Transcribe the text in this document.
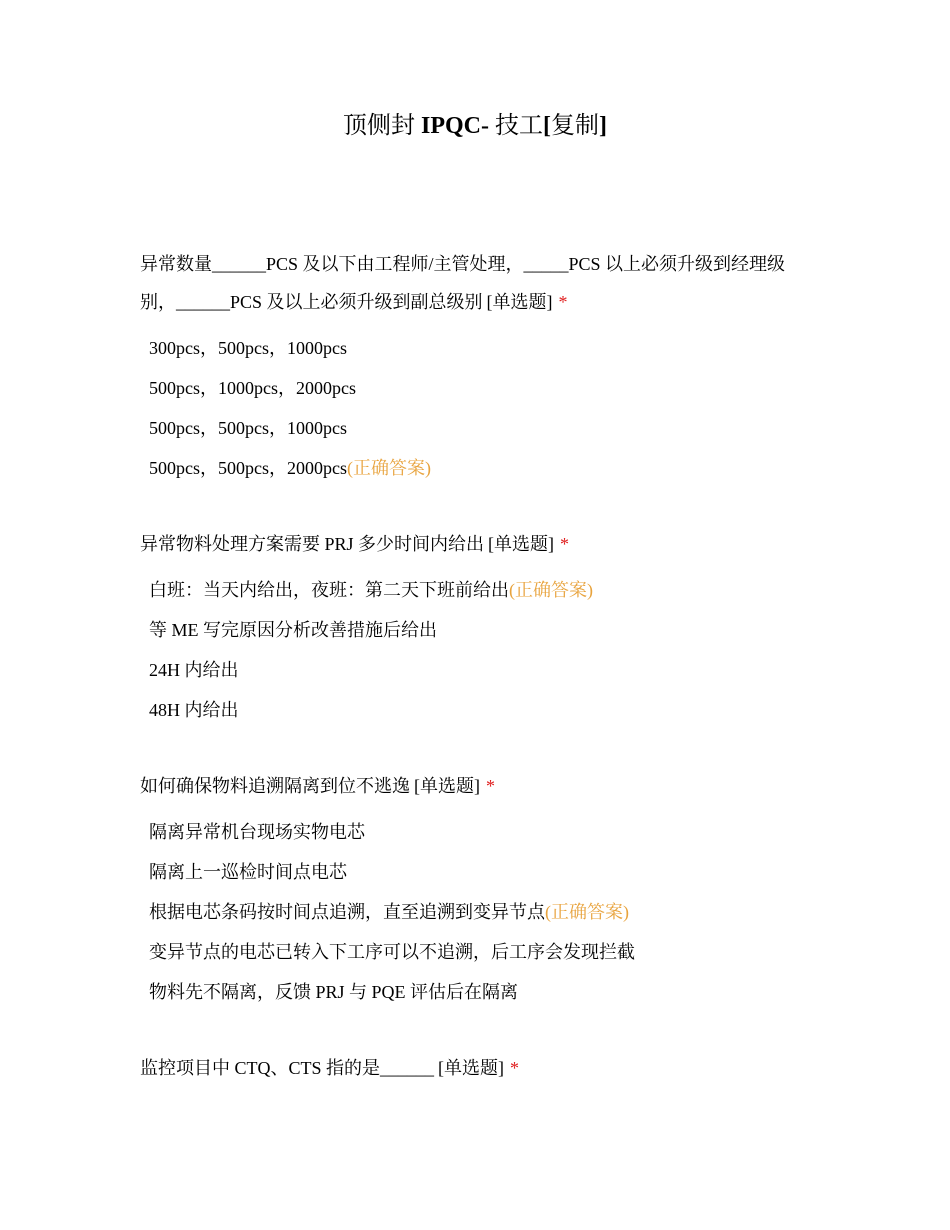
顶侧封 IPQC- 技工[复制]

异常数量______PCS 及以下由工程师/主管处理，_____PCS 以上必须升级到经理级别，______PCS 及以上必须升级到副总级别 [单选题] *

300pcs，500pcs，1000pcs
500pcs，1000pcs，2000pcs
500pcs，500pcs，1000pcs
500pcs，500pcs，2000pcs(正确答案)

异常物料处理方案需要 PRJ 多少时间内给出 [单选题] *

白班：当天内给出，夜班：第二天下班前给出(正确答案)
等 ME 写完原因分析改善措施后给出
24H 内给出
48H 内给出

如何确保物料追溯隔离到位不逃逸 [单选题] *

隔离异常机台现场实物电芯
隔离上一巡检时间点电芯
根据电芯条码按时间点追溯，直至追溯到变异节点(正确答案)
变异节点的电芯已转入下工序可以不追溯，后工序会发现拦截
物料先不隔离，反馈 PRJ 与 PQE 评估后在隔离

监控项目中 CTQ、CTS 指的是______ [单选题] *
